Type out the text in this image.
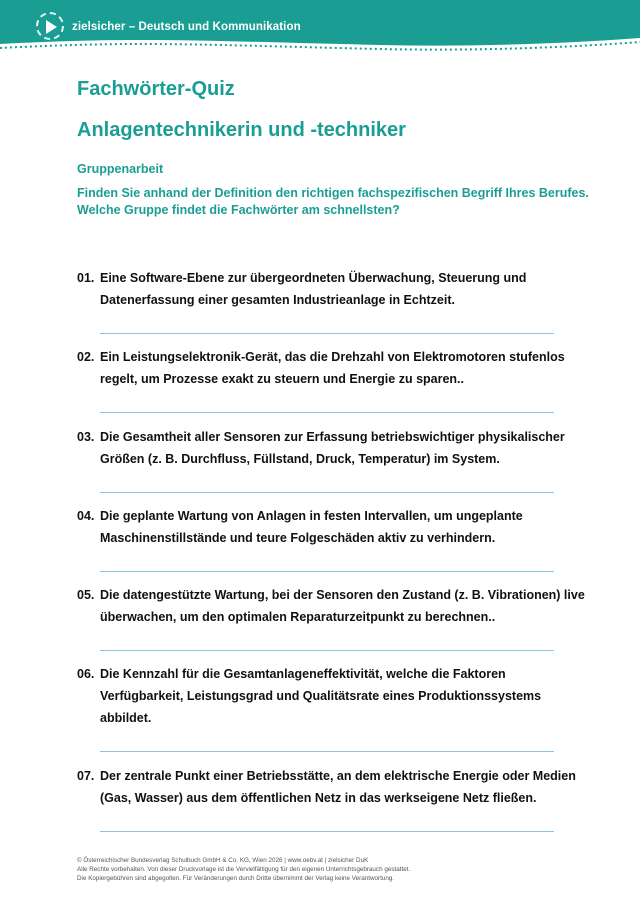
zielsicher – Deutsch und Kommunikation
Fachwörter-Quiz
Anlagentechnikerin und -techniker
Gruppenarbeit
Finden Sie anhand der Definition den richtigen fachspezifischen Begriff Ihres Berufes.
Welche Gruppe findet die Fachwörter am schnellsten?
01. Eine Software-Ebene zur übergeordneten Überwachung, Steuerung und
Datenerfassung einer gesamten Industrieanlage in Echtzeit.
02. Ein Leistungselektronik-Gerät, das die Drehzahl von Elektromotoren stufenlos
regelt, um Prozesse exakt zu steuern und Energie zu sparen..
03. Die Gesamtheit aller Sensoren zur Erfassung betriebswichtiger physikalischer
Größen (z. B. Durchfluss, Füllstand, Druck, Temperatur) im System.
04. Die geplante Wartung von Anlagen in festen Intervallen, um ungeplante
Maschinenstillstände und teure Folgeschäden aktiv zu verhindern.
05. Die datengestützte Wartung, bei der Sensoren den Zustand (z. B. Vibrationen) live
überwachen, um den optimalen Reparaturzeitpunkt zu berechnen..
06. Die Kennzahl für die Gesamtanlageneffektivität, welche die Faktoren
Verfügbarkeit, Leistungsgrad und Qualitätsrate eines Produktionssystems
abbildet.
07. Der zentrale Punkt einer Betriebsstätte, an dem elektrische Energie oder Medien
(Gas, Wasser) aus dem öffentlichen Netz in das werkseigene Netz fließen.
© Österreichischer Bundesverlag Schulbuch GmbH & Co. KG, Wien 2026 | www.oebv.at | zielsicher DuK
Alle Rechte vorbehalten. Von dieser Druckvorlage ist die Vervielfältigung für den eigenen Unterrichtsgebrauch gestattet.
Die Kopiergebühren sind abgegolten. Für Veränderungen durch Dritte übernimmt der Verlag keine Verantwortung.
